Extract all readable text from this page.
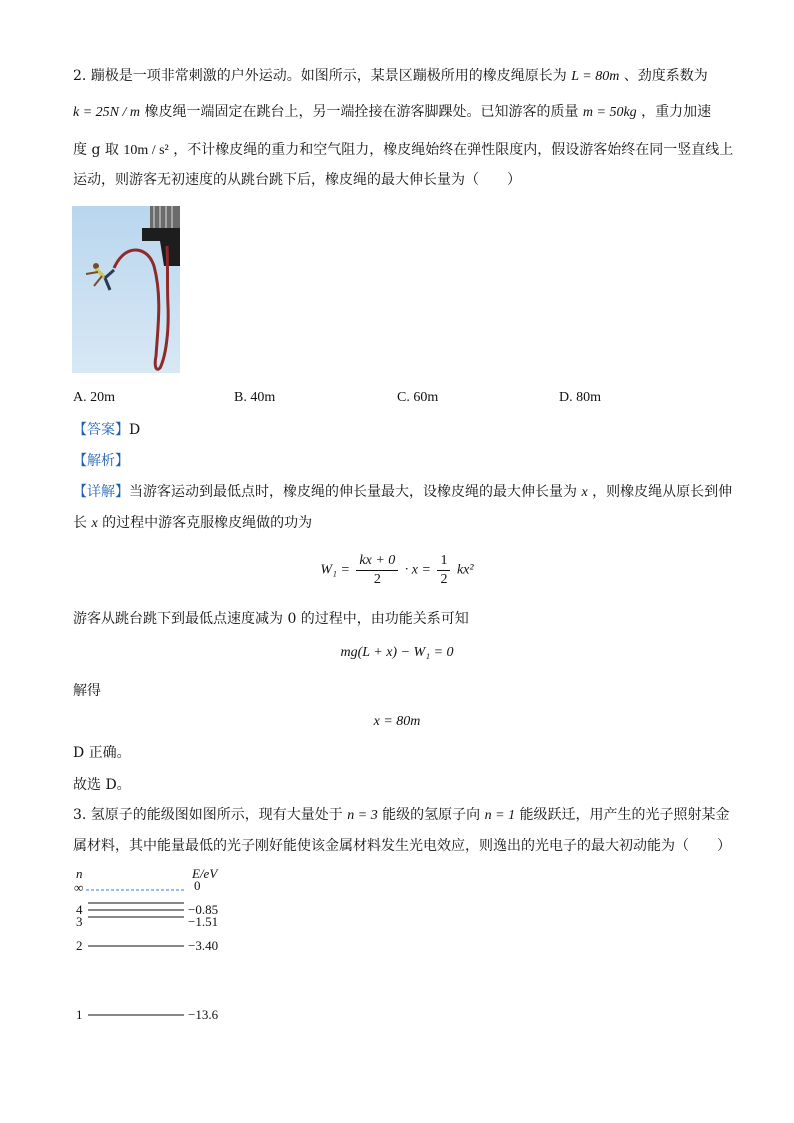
2. 蹦极是一项非常刺激的户外运动。如图所示，某景区蹦极所用的橡皮绳原长为 L = 80m 、劲度系数为
k = 25N / m 橡皮绳一端固定在跳台上，另一端拴接在游客脚踝处。已知游客的质量 m = 50kg ，重力加速
度 g 取 10m / s² ，不计橡皮绳的重力和空气阻力，橡皮绳始终在弹性限度内，假设游客始终在同一竖直线上
运动，则游客无初速度的从跳台跳下后，橡皮绳的最大伸长量为（　　）
A. 20m	B. 40m	C. 60m	D. 80m
【答案】D
【解析】
【详解】当游客运动到最低点时，橡皮绳的伸长量最大，设橡皮绳的最大伸长量为 x ，则橡皮绳从原长到伸
长 x 的过程中游客克服橡皮绳做的功为
$W_1 = \frac{kx + 0}{2} \cdot x = \frac{1}{2} kx^2$
游客从跳台跳下到最低点速度减为 0 的过程中，由功能关系可知
mg(L + x) − W₁ = 0
解得
x = 80m
D 正确。
故选 D。
3. 氢原子的能级图如图所示，现有大量处于 n = 3 能级的氢原子向 n = 1 能级跃迁，用产生的光子照射某金
属材料，其中能量最低的光子刚好能使该金属材料发生光电效应，则逸出的光电子的最大初动能为（　　）
n	E/eV
∞	0
4	−0.85
3	−1.51
2	−3.40
1	−13.6
